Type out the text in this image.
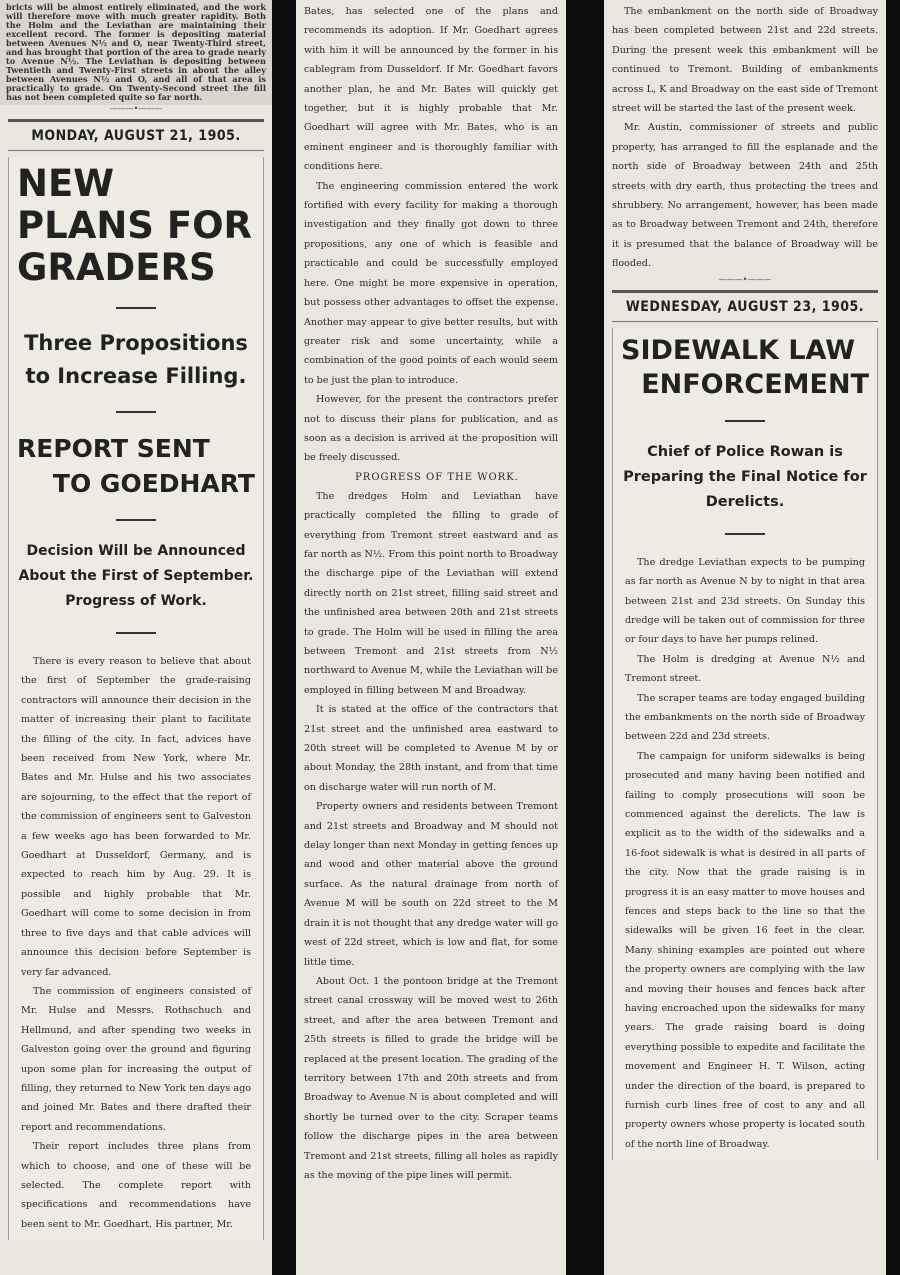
bricts will be almost entirely eliminated, and the work will therefore move with much greater rapidity. Both the Holm and the Leviathan are maintaining their excellent record. The former is depositing material between Avenues N½ and O, near Twenty-Third street, and has brought that portion of the area to grade nearly to Avenue N½. The Leviathan is depositing between Twentieth and Twenty-First streets in about the alley between Avenues N½ and O, and all of that area is practically to grade. On Twenty-Second street the fill has not been completed quite so far north.
———•———
MONDAY, AUGUST 21, 1905.
NEW PLANS FOR GRADERS
Three Propositions to Increase Filling.
REPORT SENT
TO GOEDHART
Decision Will be Announced About the First of September. Progress of Work.

There is every reason to believe that about the first of September the grade-raising contractors will announce their decision in the matter of increasing their plant to facilitate the filling of the city. In fact, advices have been received from New York, where Mr. Bates and Mr. Hulse and his two associates are sojourning, to the effect that the report of the commission of engineers sent to Galveston a few weeks ago has been forwarded to Mr. Goedhart at Dusseldorf, Germany, and is expected to reach him by Aug. 29. It is possible and highly probable that Mr. Goedhart will come to some decision in from three to five days and that cable advices will announce this decision before September is very far advanced.

The commission of engineers consisted of Mr. Hulse and Messrs. Rothschuch and Hellmund, and after spending two weeks in Galveston going over the ground and figuring upon some plan for increasing the output of filling, they returned to New York ten days ago and joined Mr. Bates and there drafted their report and recommendations.

Their report includes three plans from which to choose, and one of these will be selected. The complete report with specifications and recommendations have been sent to Mr. Goedhart. His partner, Mr.

Bates, has selected one of the plans and recommends its adoption. If Mr. Goedhart agrees with him it will be announced by the former in his cablegram from Dusseldorf. If Mr. Goedhart favors another plan, he and Mr. Bates will quickly get together, but it is highly probable that Mr. Goedhart will agree with Mr. Bates, who is an eminent engineer and is thoroughly familiar with conditions here.

The engineering commission entered the work fortified with every facility for making a thorough investigation and they finally got down to three propositions, any one of which is feasible and practicable and could be successfully employed here. One might be more expensive in operation, but possess other advantages to offset the expense. Another may appear to give better results, but with greater risk and some uncertainty, while a combination of the good points of each would seem to be just the plan to introduce.

However, for the present the contractors prefer not to discuss their plans for publication, and as soon as a decision is arrived at the proposition will be freely discussed.

PROGRESS OF THE WORK.

The dredges Holm and Leviathan have practically completed the filling to grade of everything from Tremont street eastward and as far north as N½. From this point north to Broadway the discharge pipe of the Leviathan will extend directly north on 21st street, filling said street and the unfinished area between 20th and 21st streets to grade. The Holm will be used in filling the area between Tremont and 21st streets from N½ northward to Avenue M, while the Leviathan will be employed in filling between M and Broadway.

It is stated at the office of the contractors that 21st street and the unfinished area eastward to 20th street will be completed to Avenue M by or about Monday, the 28th instant, and from that time on discharge water will run north of M.

Property owners and residents between Tremont and 21st streets and Broadway and M should not delay longer than next Monday in getting fences up and wood and other material above the ground surface. As the natural drainage from north of Avenue M will be south on 22d street to the M drain it is not thought that any dredge water will go west of 22d street, which is low and flat, for some little time.

About Oct. 1 the pontoon bridge at the Tremont street canal crossway will be moved west to 26th street, and after the area between Tremont and 25th streets is filled to grade the bridge will be replaced at the present location. The grading of the territory between 17th and 20th streets and from Broadway to Avenue N is about completed and will shortly be turned over to the city. Scraper teams follow the discharge pipes in the area between Tremont and 21st streets, filling all holes as rapidly as the moving of the pipe lines will permit.

The embankment on the north side of Broadway has been completed between 21st and 22d streets. During the present week this embankment will be continued to Tremont. Building of embankments across L, K and Broadway on the east side of Tremont street will be started the last of the present week.

Mr. Austin, commissioner of streets and public property, has arranged to fill the esplanade and the north side of Broadway between 24th and 25th streets with dry earth, thus protecting the trees and shrubbery. No arrangement, however, has been made as to Broadway between Tremont and 24th, therefore it is presumed that the balance of Broadway will be flooded.

———•———
WEDNESDAY, AUGUST 23, 1905.
SIDEWALK LAW
ENFORCEMENT
Chief of Police Rowan is Preparing the Final Notice for Derelicts.

The dredge Leviathan expects to be pumping as far north as Avenue N by to night in that area between 21st and 23d streets. On Sunday this dredge will be taken out of commission for three or four days to have her pumps relined.

The Holm is dredging at Avenue N½ and Tremont street.

The scraper teams are today engaged building the embankments on the north side of Broadway between 22d and 23d streets.

The campaign for uniform sidewalks is being prosecuted and many having been notified and failing to comply prosecutions will soon be commenced against the derelicts. The law is explicit as to the width of the sidewalks and a 16-foot sidewalk is what is desired in all parts of the city. Now that the grade raising is in progress it is an easy matter to move houses and fences and steps back to the line so that the sidewalks will be given 16 feet in the clear. Many shining examples are pointed out where the property owners are complying with the law and moving their houses and fences back after having encroached upon the sidewalks for many years. The grade raising board is doing everything possible to expedite and facilitate the movement and Engineer H. T. Wilson, acting under the direction of the board, is prepared to furnish curb lines free of cost to any and all property owners whose property is located south of the north line of Broadway.
